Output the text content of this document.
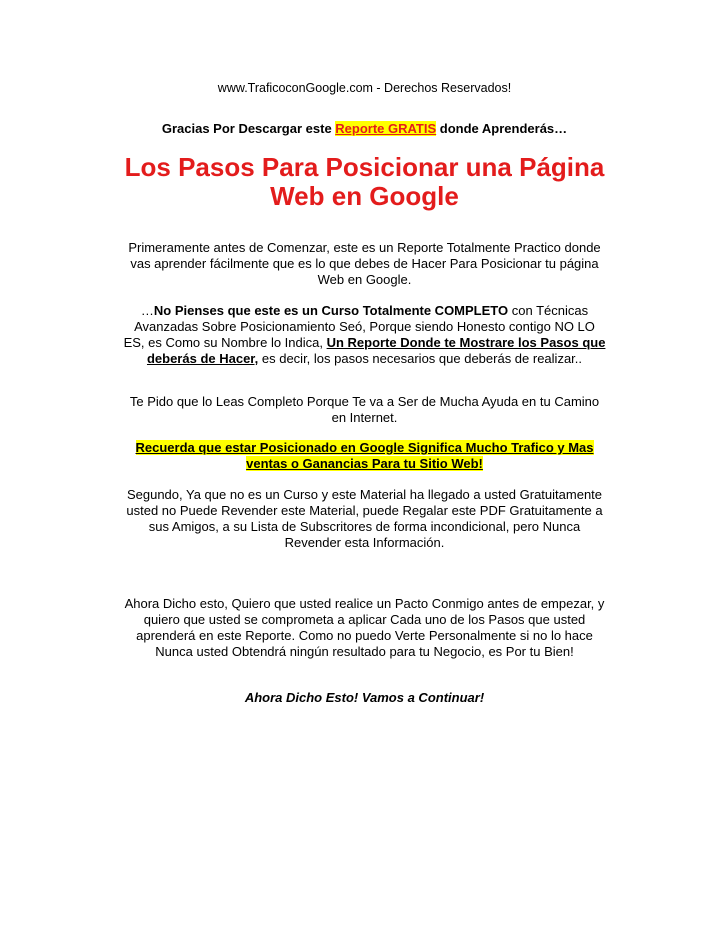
www.TraficoconGoogle.com - Derechos Reservados!

Gracias Por Descargar este Reporte GRATIS donde Aprenderás…

Los Pasos Para Posicionar una Página
Web en Google

Primeramente antes de Comenzar, este es un Reporte Totalmente Practico donde vas aprender fácilmente que es lo que debes de Hacer Para Posicionar tu página Web en Google.

…No Pienses que este es un Curso Totalmente COMPLETO con Técnicas Avanzadas Sobre Posicionamiento Seó, Porque siendo Honesto contigo NO LO ES, es Como su Nombre lo Indica, Un Reporte Donde te Mostrare los Pasos que deberás de Hacer, es decir, los pasos necesarios que deberás de realizar..

Te Pido que lo Leas Completo Porque Te va a Ser de Mucha Ayuda en tu Camino en Internet.

Recuerda que estar Posicionado en Google Significa Mucho Trafico y Mas ventas o Ganancias Para tu Sitio Web!

Segundo, Ya que no es un Curso y este Material ha llegado a usted Gratuitamente usted no Puede Revender este Material, puede Regalar este PDF Gratuitamente a sus Amigos, a su Lista de Subscritores de forma incondicional, pero Nunca Revender esta Información.

Ahora Dicho esto, Quiero que usted realice un Pacto Conmigo antes de empezar, y quiero que usted se comprometa a aplicar Cada uno de los Pasos que usted aprenderá en este Reporte. Como no puedo Verte Personalmente si no lo hace Nunca usted Obtendrá ningún resultado para tu Negocio, es Por tu Bien!

Ahora Dicho Esto! Vamos a Continuar!
